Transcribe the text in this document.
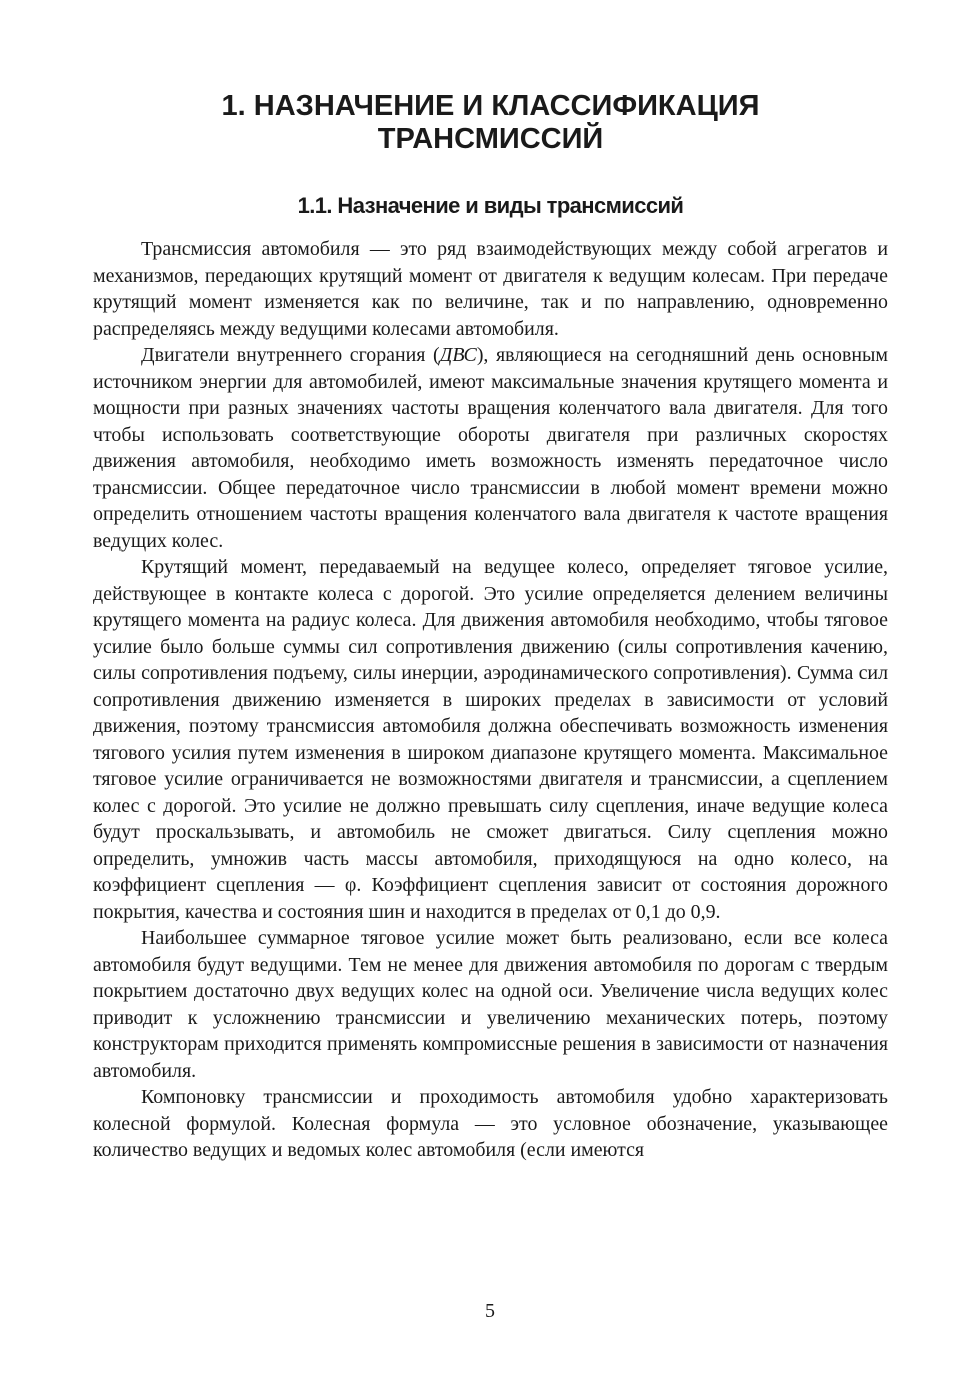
1. НАЗНАЧЕНИЕ И КЛАССИФИКАЦИЯ
ТРАНСМИССИЙ
1.1. Назначение и виды трансмиссий

Трансмиссия автомобиля — это ряд взаимодействующих между собой агрегатов и механизмов, передающих крутящий момент от двигателя к ведущим колесам. При передаче крутящий момент изменяется как по величине, так и по направлению, одновременно распределяясь между ведущими колесами автомобиля.

Двигатели внутреннего сгорания (ДВС), являющиеся на сегодняшний день основным источником энергии для автомобилей, имеют максимальные значения крутящего момента и мощности при разных значениях частоты вращения коленчатого вала двигателя. Для того чтобы использовать соответствующие обороты двигателя при различных скоростях движения автомобиля, необходимо иметь возможность изменять передаточное число трансмиссии. Общее передаточное число трансмиссии в любой момент времени можно определить отношением частоты вращения коленчатого вала двигателя к частоте вращения ведущих колес.

Крутящий момент, передаваемый на ведущее колесо, определяет тяговое усилие, действующее в контакте колеса с дорогой. Это усилие определяется делением величины крутящего момента на радиус колеса. Для движения автомобиля необходимо, чтобы тяговое усилие было больше суммы сил сопротивления движению (силы сопротивления качению, силы сопротивления подъему, силы инерции, аэродинамического сопротивления). Сумма сил сопротивления движению изменяется в широких пределах в зависимости от условий движения, поэтому трансмиссия автомобиля должна обеспечивать возможность изменения тягового усилия путем изменения в широком диапазоне крутящего момента. Максимальное тяговое усилие ограничивается не возможностями двигателя и трансмиссии, а сцеплением колес с дорогой. Это усилие не должно превышать силу сцепления, иначе ведущие колеса будут проскальзывать, и автомобиль не сможет двигаться. Силу сцепления можно определить, умножив часть массы автомобиля, приходящуюся на одно колесо, на коэффициент сцепления — φ. Коэффициент сцепления зависит от состояния дорожного покрытия, качества и состояния шин и находится в пределах от 0,1 до 0,9.

Наибольшее суммарное тяговое усилие может быть реализовано, если все колеса автомобиля будут ведущими. Тем не менее для движения автомобиля по дорогам с твердым покрытием достаточно двух ведущих колес на одной оси. Увеличение числа ведущих колес приводит к усложнению трансмиссии и увеличению механических потерь, поэтому конструкторам приходится применять компромиссные решения в зависимости от назначения автомобиля.

Компоновку трансмиссии и проходимость автомобиля удобно характеризовать колесной формулой. Колесная формула — это условное обозначение, указывающее количество ведущих и ведомых колес автомобиля (если имеются

5
